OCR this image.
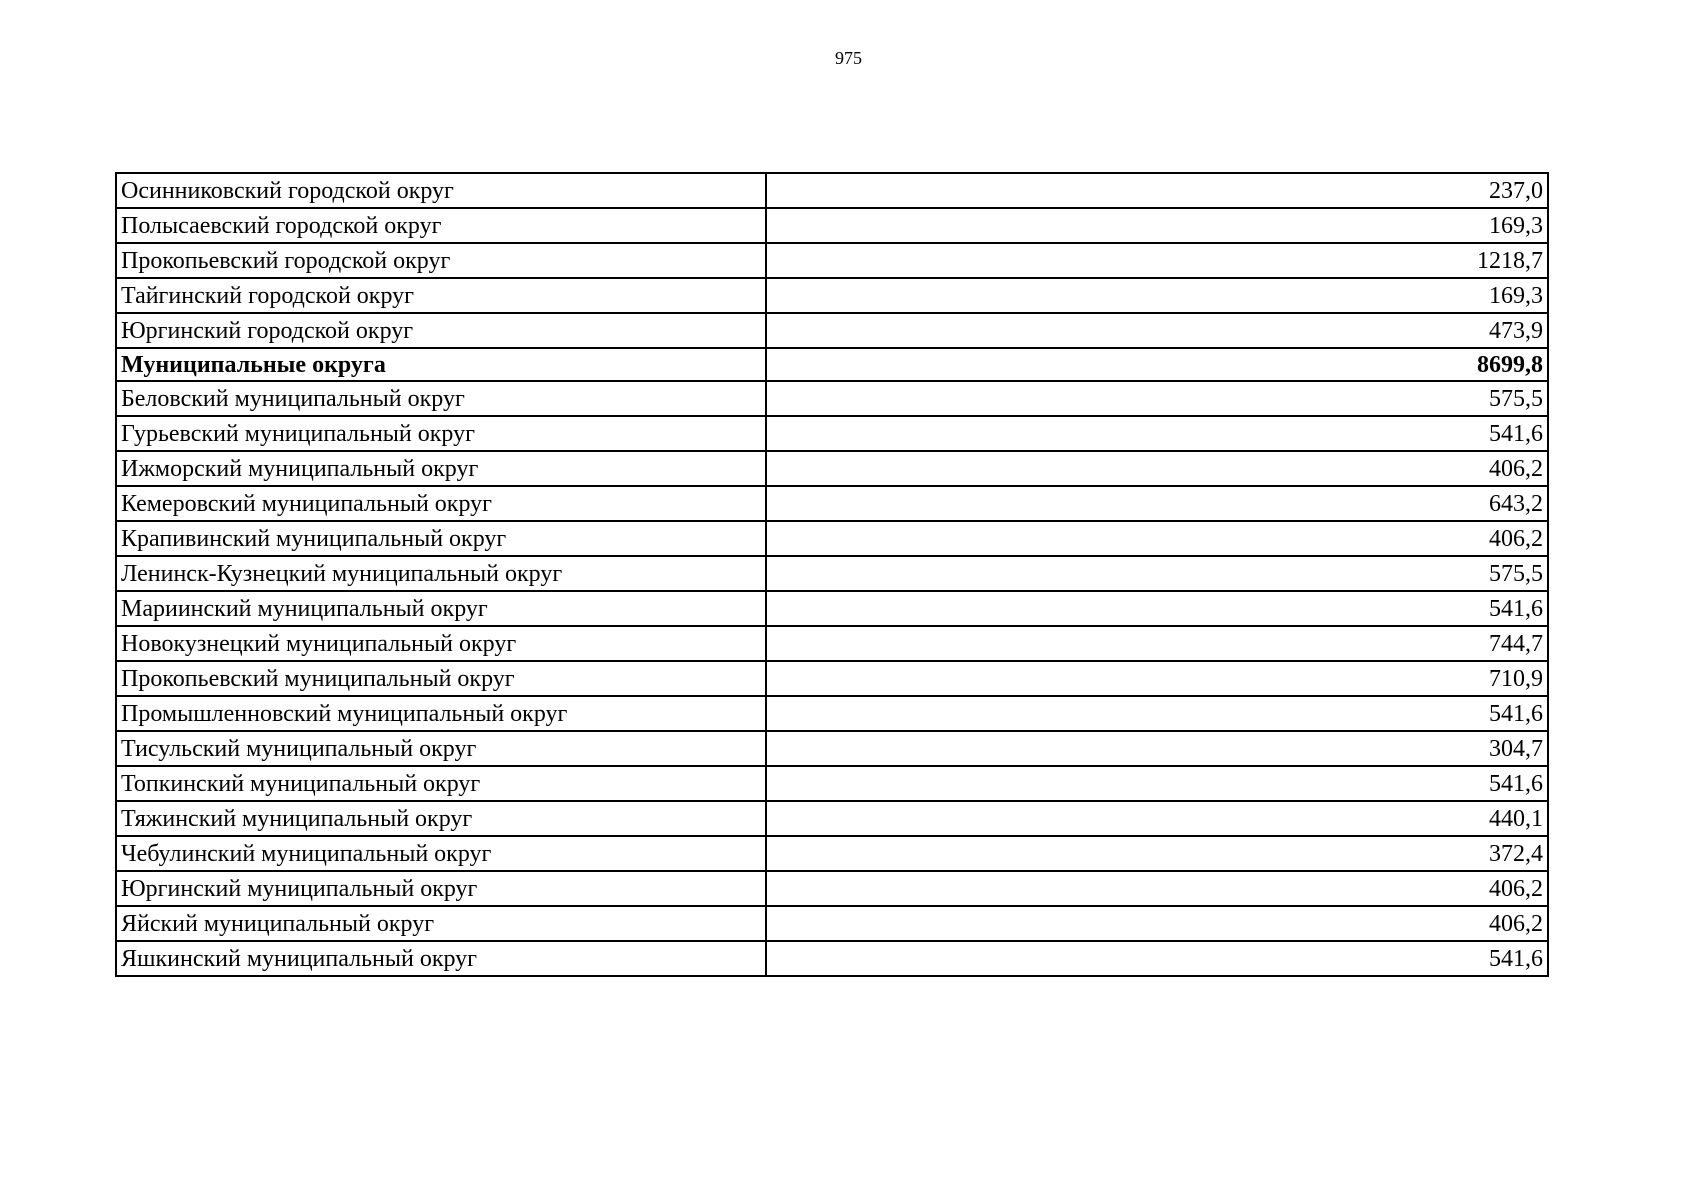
975
Осинниковский городской округ	237,0
Полысаевский городской округ	169,3
Прокопьевский городской округ	1218,7
Тайгинский городской округ	169,3
Юргинский городской округ	473,9
Муниципальные округа	8699,8
Беловский муниципальный округ	575,5
Гурьевский муниципальный округ	541,6
Ижморский муниципальный округ	406,2
Кемеровский муниципальный округ	643,2
Крапивинский муниципальный округ	406,2
Ленинск-Кузнецкий муниципальный округ	575,5
Мариинский муниципальный округ	541,6
Новокузнецкий муниципальный округ	744,7
Прокопьевский муниципальный округ	710,9
Промышленновский муниципальный округ	541,6
Тисульский муниципальный округ	304,7
Топкинский муниципальный округ	541,6
Тяжинский муниципальный округ	440,1
Чебулинский муниципальный округ	372,4
Юргинский муниципальный округ	406,2
Яйский муниципальный округ	406,2
Яшкинский муниципальный округ	541,6
